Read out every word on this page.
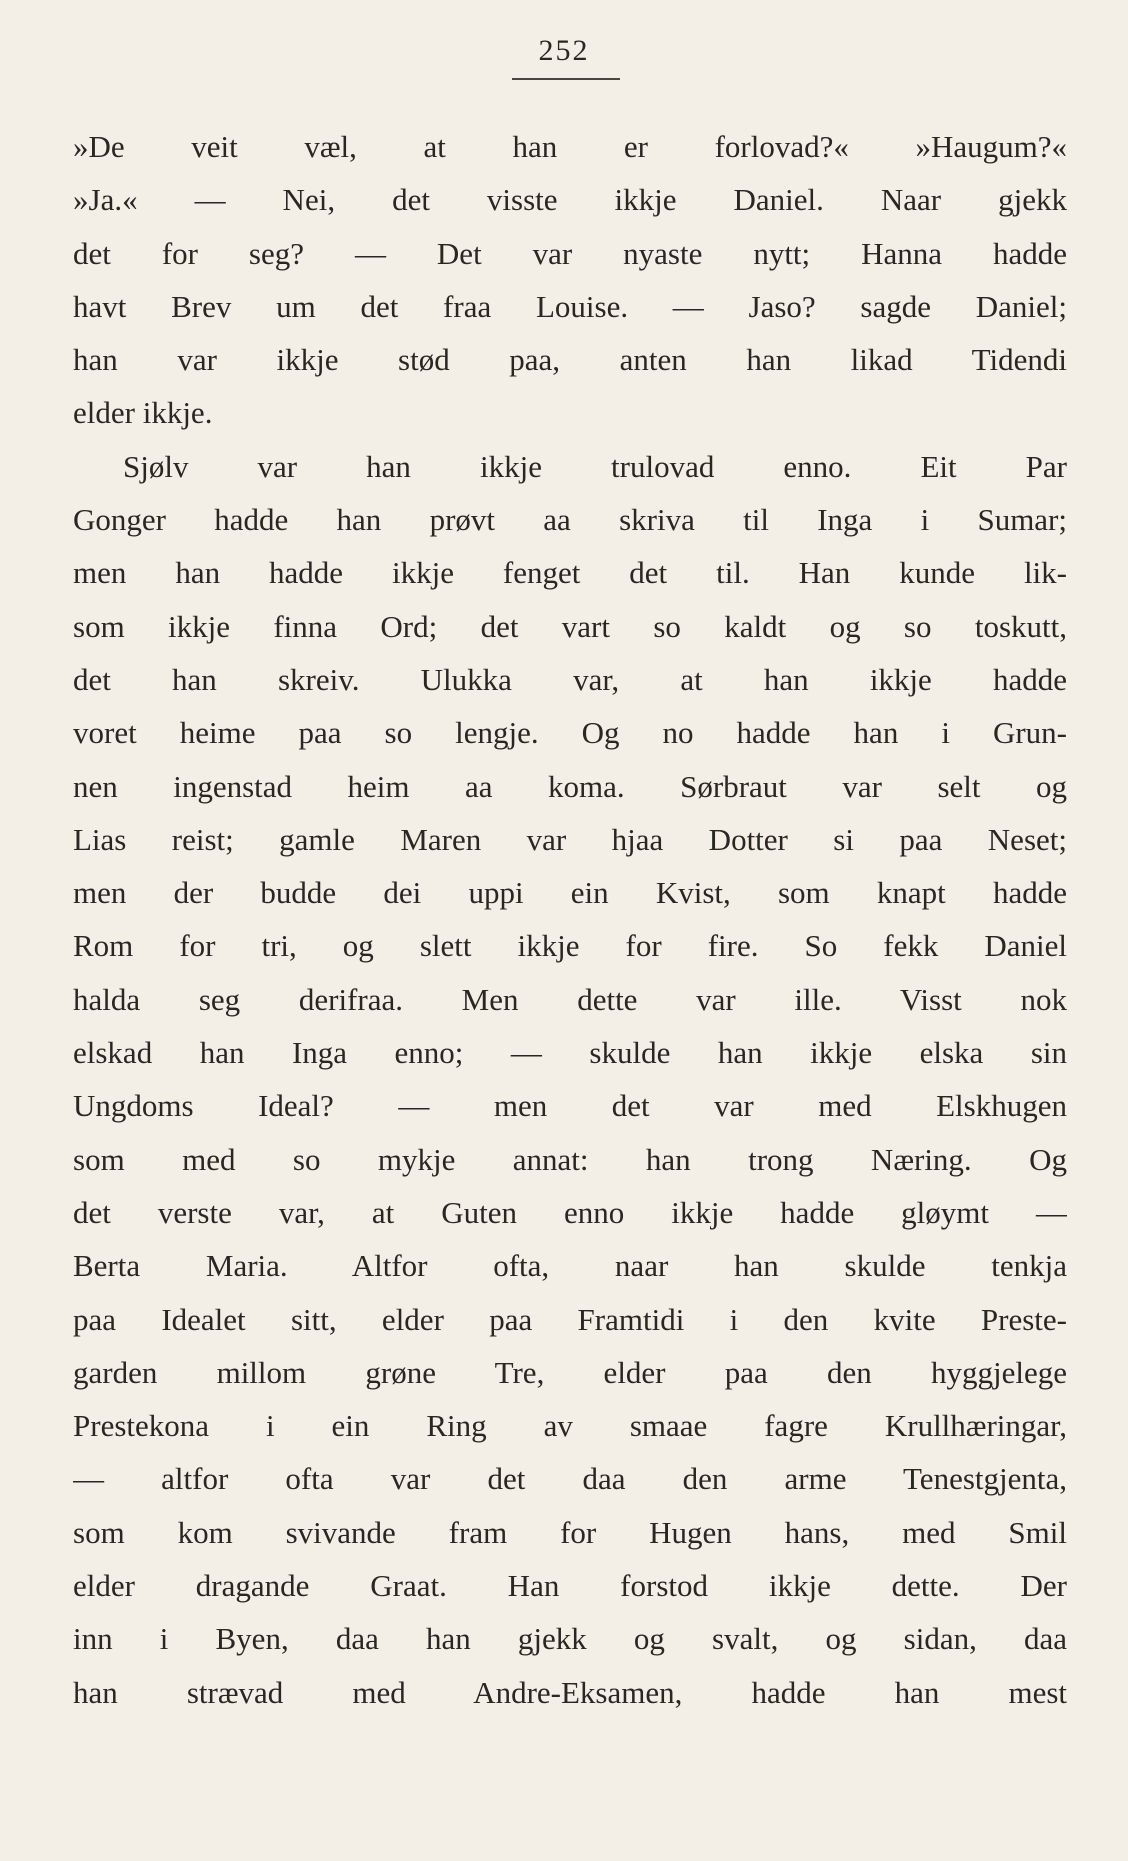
252
»De veit væl, at han er forlovad?« »Haugum?«
»Ja.« — Nei, det visste ikkje Daniel. Naar gjekk
det for seg? — Det var nyaste nytt; Hanna hadde
havt Brev um det fraa Louise. — Jaso? sagde Daniel;
han var ikkje stød paa, anten han likad Tidendi
elder ikkje.
Sjølv var han ikkje trulovad enno. Eit Par
Gonger hadde han prøvt aa skriva til Inga i Sumar;
men han hadde ikkje fenget det til. Han kunde lik-
som ikkje finna Ord; det vart so kaldt og so toskutt,
det han skreiv. Ulukka var, at han ikkje hadde
voret heime paa so lengje. Og no hadde han i Grun-
nen ingenstad heim aa koma. Sørbraut var selt og
Lias reist; gamle Maren var hjaa Dotter si paa Neset;
men der budde dei uppi ein Kvist, som knapt hadde
Rom for tri, og slett ikkje for fire. So fekk Daniel
halda seg derifraa. Men dette var ille. Visst nok
elskad han Inga enno; — skulde han ikkje elska sin
Ungdoms Ideal? — men det var med Elskhugen
som med so mykje annat: han trong Næring. Og
det verste var, at Guten enno ikkje hadde gløymt —
Berta Maria. Altfor ofta, naar han skulde tenkja
paa Idealet sitt, elder paa Framtidi i den kvite Preste-
garden millom grøne Tre, elder paa den hyggjelege
Prestekona i ein Ring av smaae fagre Krullhæringar,
— altfor ofta var det daa den arme Tenestgjenta,
som kom svivande fram for Hugen hans, med Smil
elder dragande Graat. Han forstod ikkje dette. Der
inn i Byen, daa han gjekk og svalt, og sidan, daa
han strævad med Andre-Eksamen, hadde han mest
